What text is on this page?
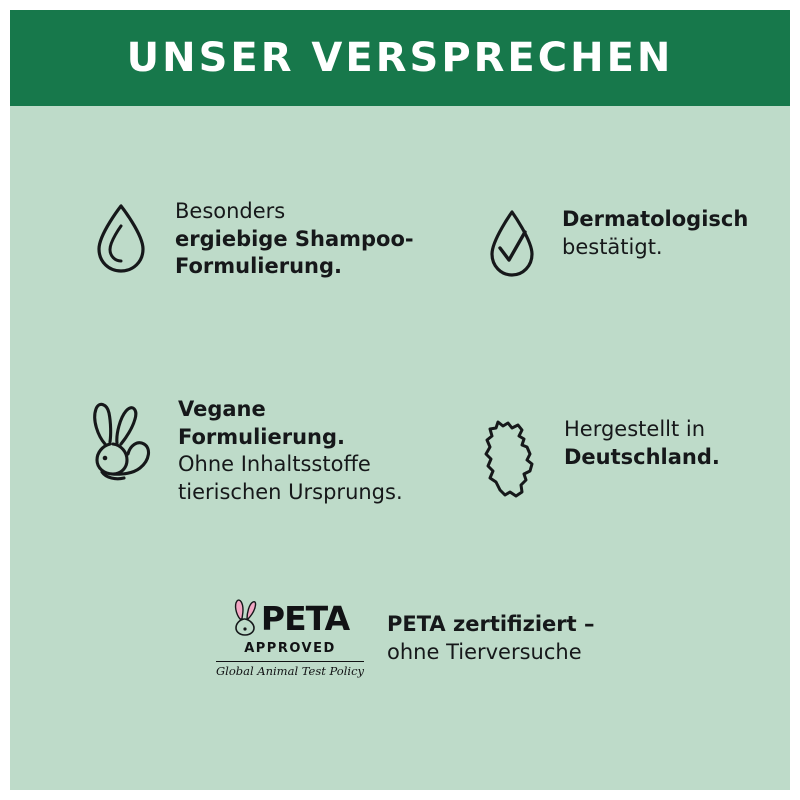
UNSER VERSPRECHEN
Besonders
ergiebige Shampoo-
Formulierung.
Dermatologisch
bestätigt.
Vegane Formulierung.
Ohne Inhaltsstoffe
tierischen Ursprungs.
Hergestellt in
Deutschland.
PETA
APPROVED
Global Animal Test Policy
PETA zertifiziert –
ohne Tierversuche
